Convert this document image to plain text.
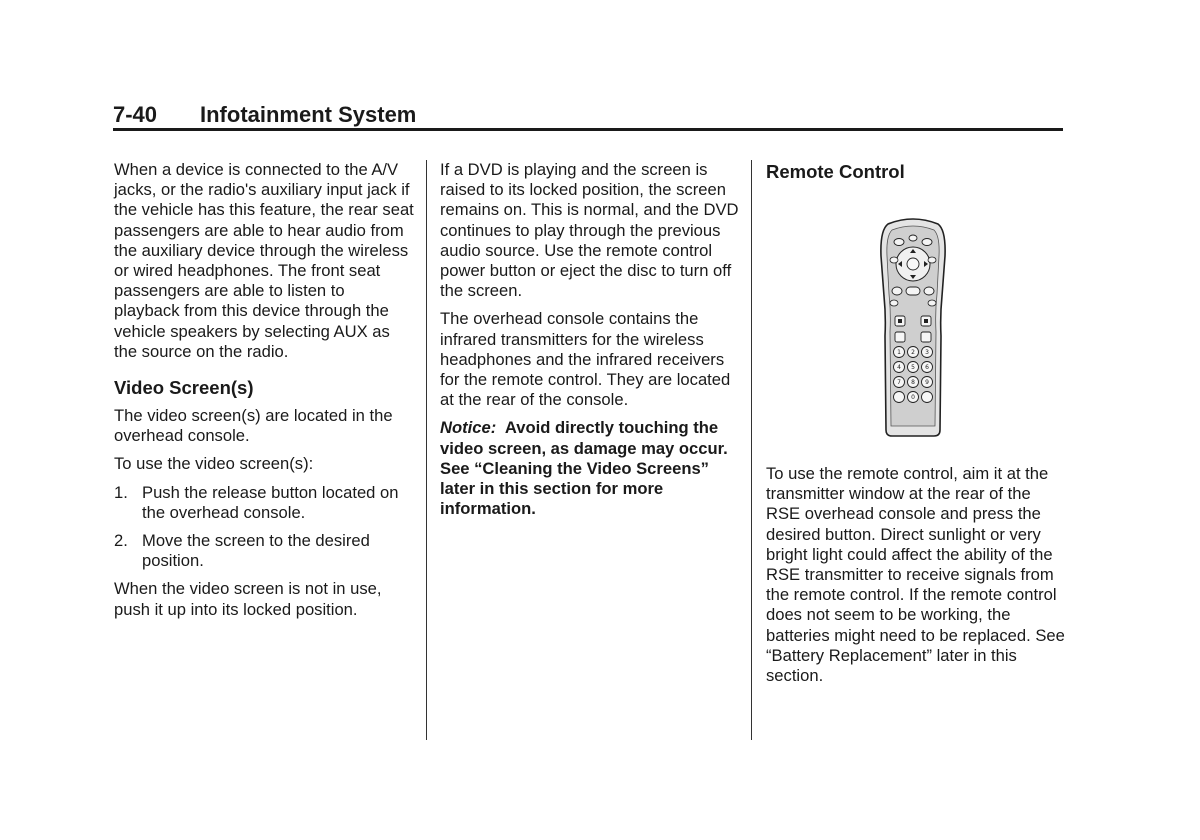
7-40 Infotainment System

When a device is connected to the A/V jacks, or the radio's auxiliary input jack if the vehicle has this feature, the rear seat passengers are able to hear audio from the auxiliary device through the wireless or wired headphones. The front seat passengers are able to listen to playback from this device through the vehicle speakers by selecting AUX as the source on the radio.

Video Screen(s)

The video screen(s) are located in the overhead console.

To use the video screen(s):

1. Push the release button located on the overhead console.
2. Move the screen to the desired position.

When the video screen is not in use, push it up into its locked position.

If a DVD is playing and the screen is raised to its locked position, the screen remains on. This is normal, and the DVD continues to play through the previous audio source. Use the remote control power button or eject the disc to turn off the screen.

The overhead console contains the infrared transmitters for the wireless headphones and the infrared receivers for the remote control. They are located at the rear of the console.

Notice: Avoid directly touching the video screen, as damage may occur. See “Cleaning the Video Screens” later in this section for more information.

Remote Control
1 2 3
4 5 6
7 8 9
0

To use the remote control, aim it at the transmitter window at the rear of the RSE overhead console and press the desired button. Direct sunlight or very bright light could affect the ability of the RSE transmitter to receive signals from the remote control. If the remote control does not seem to be working, the batteries might need to be replaced. See “Battery Replacement” later in this section.
